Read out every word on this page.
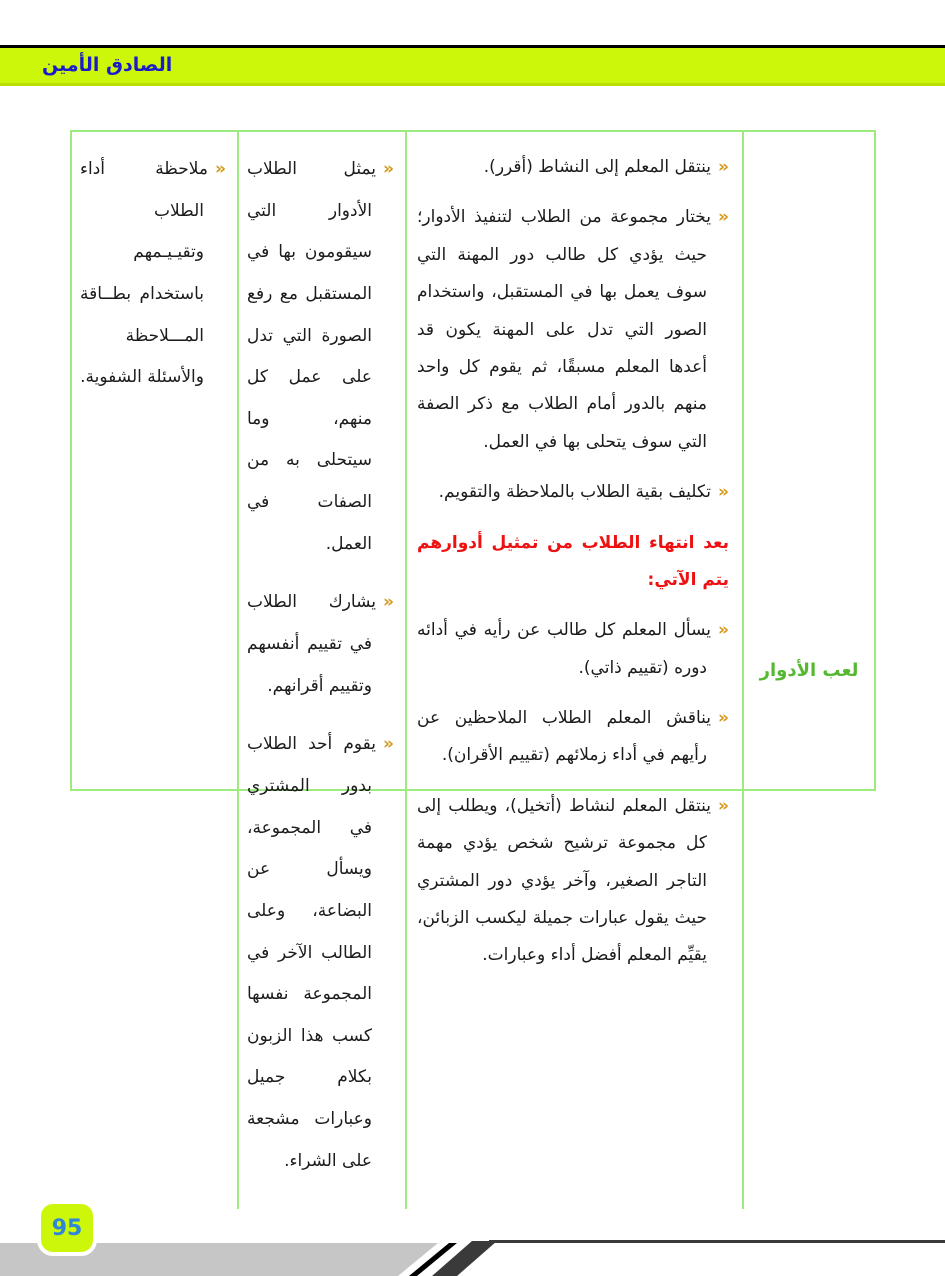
الصادق الأمين
لعب الأدوار
«ينتقل المعلم إلى النشاط (أقرر).
«يختار مجموعة من الطلاب لتنفيذ الأدوار؛ حيث يؤدي كل طالب دور المهنة التي سوف يعمل بها في المستقبل، واستخدام الصور التي تدل على المهنة يكون قد أعدها المعلم مسبقًا، ثم يقوم كل واحد منهم بالدور أمام الطلاب مع ذكر الصفة التي سوف يتحلى بها في العمل.
«تكليف بقية الطلاب بالملاحظة والتقويم.
بعد انتهاء الطلاب من تمثيل أدوارهم يتم الآتي:
«يسأل المعلم كل طالب عن رأيه في أدائه دوره (تقييم ذاتي).
«يناقش المعلم الطلاب الملاحظين عن رأيهم في أداء زملائهم (تقييم الأقران).
«ينتقل المعلم لنشاط (أتخيل)، ويطلب إلى كل مجموعة ترشيح شخص يؤدي مهمة التاجر الصغير، وآخر يؤدي دور المشتري حيث يقول عبارات جميلة ليكسب الزبائن، يقيِّم المعلم أفضل أداء وعبارات.
«يمثل الطلاب الأدوار التي سيقومون بها في المستقبل مع رفع الصورة التي تدل على عمل كل منهم، وما سيتحلى به من الصفات في العمل.
«يشارك الطلاب في تقييم أنفسهم وتقييم أقرانهم.
«يقوم أحد الطلاب بدور المشتري في المجموعة، ويسأل عن البضاعة، وعلى الطالب الآخر في المجموعة نفسها كسب هذا الزبون بكلام جميل وعبارات مشجعة على الشراء.
«ملاحظة أداء الطلاب وتقيـيـمهم باستخدام بطــاقة المـــلاحظة والأسئلة الشفوية.
95
